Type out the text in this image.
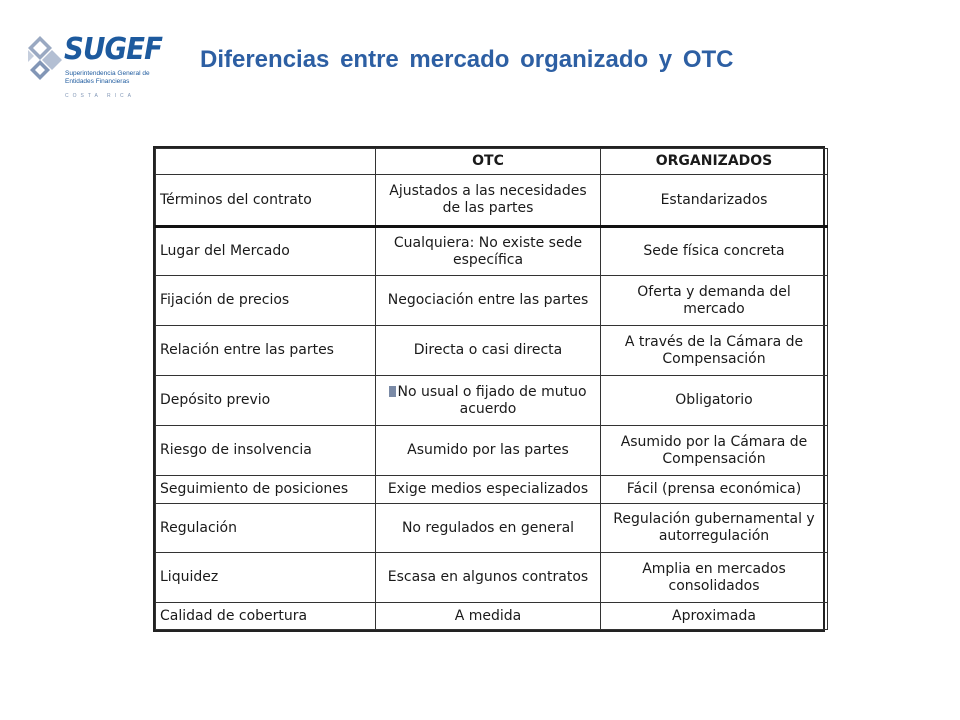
SUGEF
Superintendencia General de Entidades Financieras
COSTA RICA
Diferencias entre mercado organizado y OTC
	OTC	ORGANIZADOS
Términos del contrato	Ajustados a las necesidades de las partes	Estandarizados
Lugar del Mercado	Cualquiera: No existe sede específica	Sede física concreta
Fijación de precios	Negociación entre las partes	Oferta y demanda del mercado
Relación entre las partes	Directa o casi directa	A través de la Cámara de Compensación
Depósito previo	No usual o fijado de mutuo acuerdo	Obligatorio
Riesgo de insolvencia	Asumido por las partes	Asumido por la Cámara de Compensación
Seguimiento de posiciones	Exige medios especializados	Fácil (prensa económica)
Regulación	No regulados en general	Regulación gubernamental y autorregulación
Liquidez	Escasa en algunos contratos	Amplia en mercados consolidados
Calidad de cobertura	A medida	Aproximada
